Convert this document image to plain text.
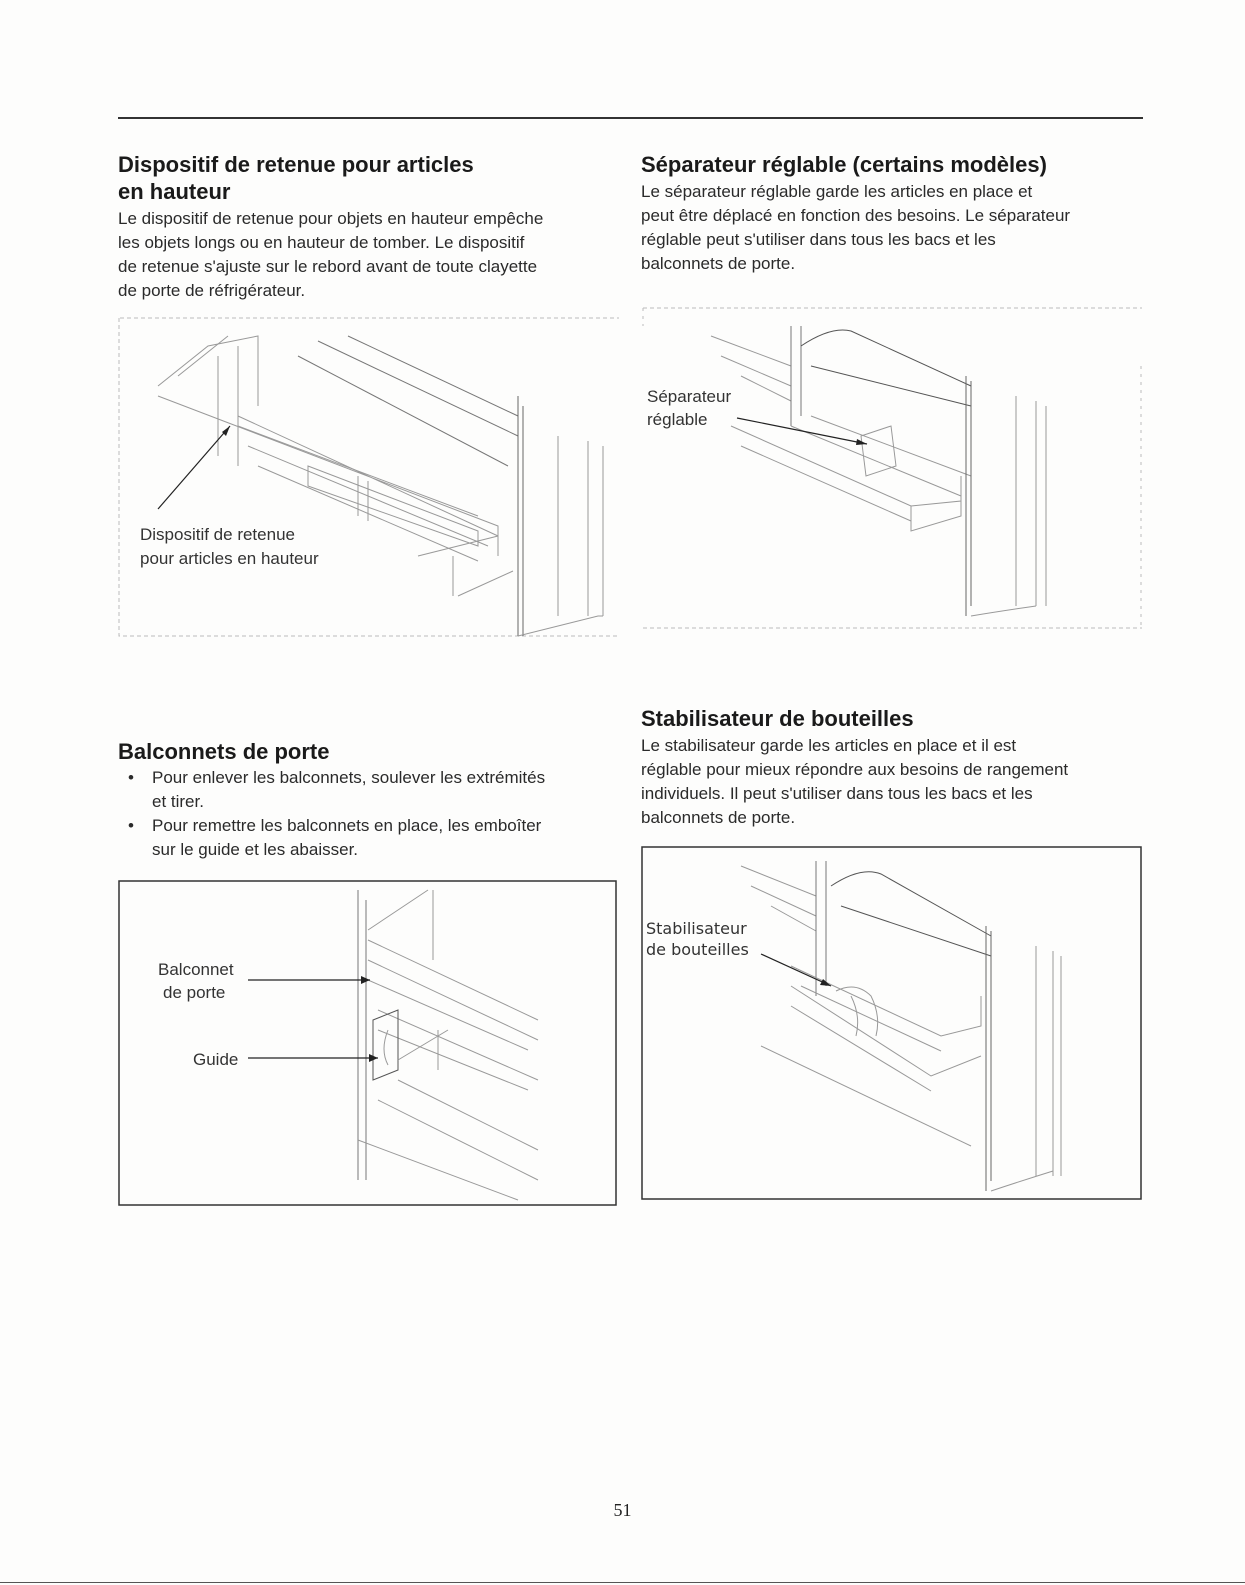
Dispositif de retenue pour articles
en hauteur
Le dispositif de retenue pour objets en hauteur empêche
les objets longs ou en hauteur de tomber. Le dispositif
de retenue s'ajuste sur le rebord avant de toute clayette
de porte de réfrigérateur.
Dispositif de retenue
pour articles en hauteur
Séparateur réglable (certains modèles)
Le séparateur réglable garde les articles en place et
peut être déplacé en fonction des besoins. Le séparateur
réglable peut s'utiliser dans tous les bacs et les
balconnets de porte.
Séparateur
réglable
Balconnets de porte
• Pour enlever les balconnets, soulever les extrémités
et tirer.
• Pour remettre les balconnets en place, les emboîter
sur le guide et les abaisser.
Balconnet
de porte
Guide
Stabilisateur de bouteilles
Le stabilisateur garde les articles en place et il est
réglable pour mieux répondre aux besoins de rangement
individuels. Il peut s'utiliser dans tous les bacs et les
balconnets de porte.
Stabilisateur
de bouteilles
51
